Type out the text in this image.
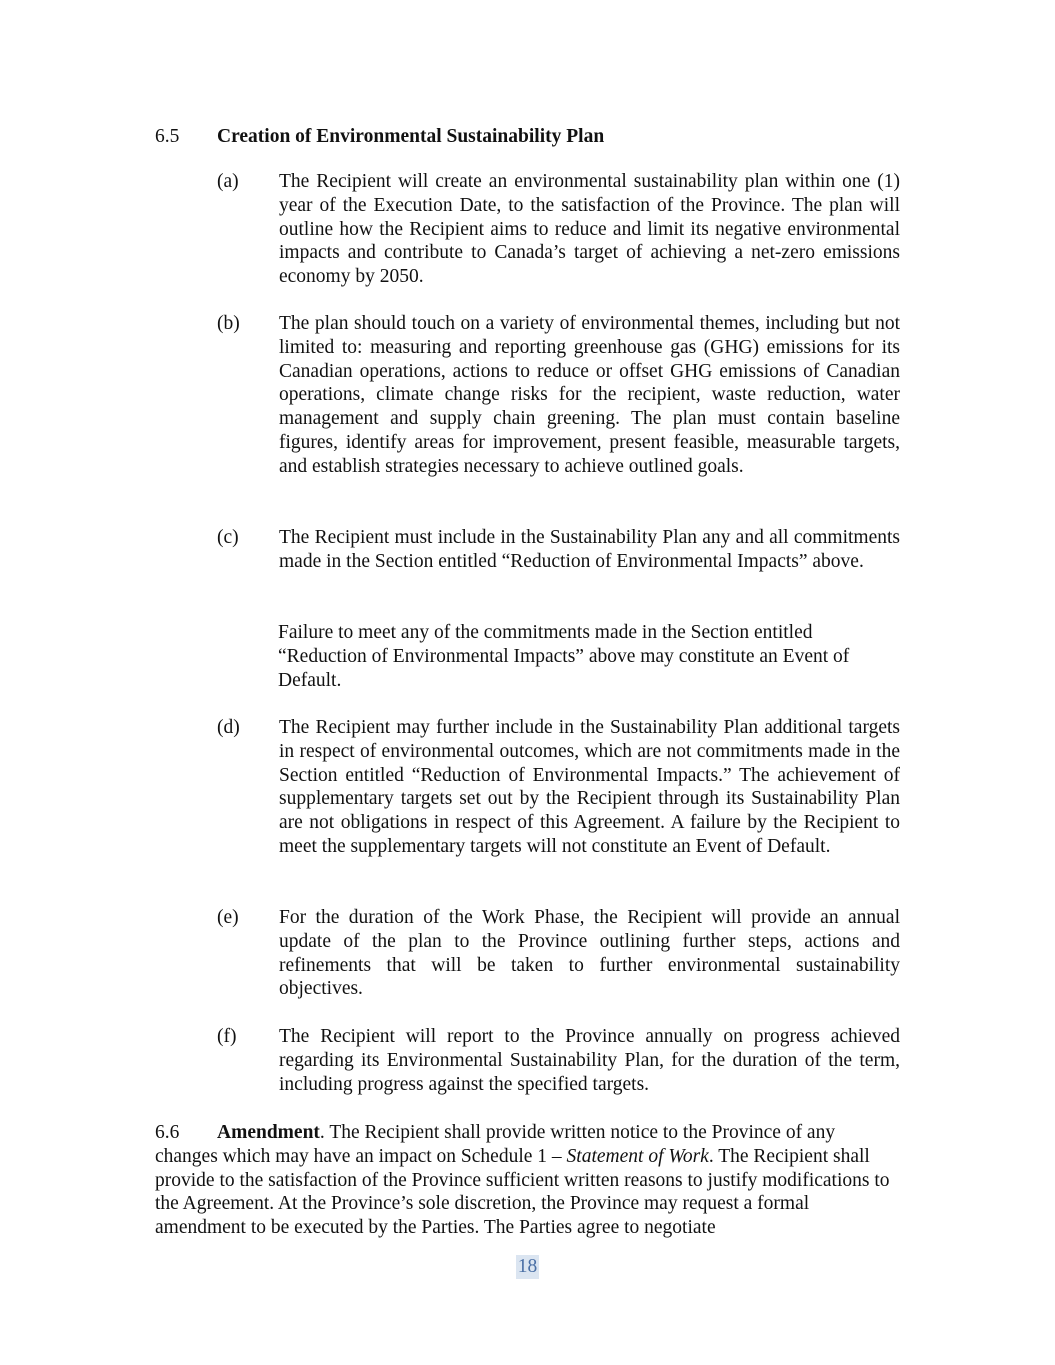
6.5 Creation of Environmental Sustainability Plan
(a)	The Recipient will create an environmental sustainability plan within one (1) year of the Execution Date, to the satisfaction of the Province. The plan will outline how the Recipient aims to reduce and limit its negative environmental impacts and contribute to Canada’s target of achieving a net-zero emissions economy by 2050.
(b)	The plan should touch on a variety of environmental themes, including but not limited to: measuring and reporting greenhouse gas (GHG) emissions for its Canadian operations, actions to reduce or offset GHG emissions of Canadian operations, climate change risks for the recipient, waste reduction, water management and supply chain greening. The plan must contain baseline figures, identify areas for improvement, present feasible, measurable targets, and establish strategies necessary to achieve outlined goals.
(c)	The Recipient must include in the Sustainability Plan any and all commitments made in the Section entitled “Reduction of Environmental Impacts” above.
Failure to meet any of the commitments made in the Section entitled “Reduction of Environmental Impacts” above may constitute an Event of Default.
(d)	The Recipient may further include in the Sustainability Plan additional targets in respect of environmental outcomes, which are not commitments made in the Section entitled “Reduction of Environmental Impacts.” The achievement of supplementary targets set out by the Recipient through its Sustainability Plan are not obligations in respect of this Agreement. A failure by the Recipient to meet the supplementary targets will not constitute an Event of Default.
(e)	For the duration of the Work Phase, the Recipient will provide an annual update of the plan to the Province outlining further steps, actions and refinements that will be taken to further environmental sustainability objectives.
(f)	The Recipient will report to the Province annually on progress achieved regarding its Environmental Sustainability Plan, for the duration of the term, including progress against the specified targets.
6.6 Amendment. The Recipient shall provide written notice to the Province of any changes which may have an impact on Schedule 1 – Statement of Work. The Recipient shall provide to the satisfaction of the Province sufficient written reasons to justify modifications to the Agreement. At the Province’s sole discretion, the Province may request a formal amendment to be executed by the Parties. The Parties agree to negotiate
18
